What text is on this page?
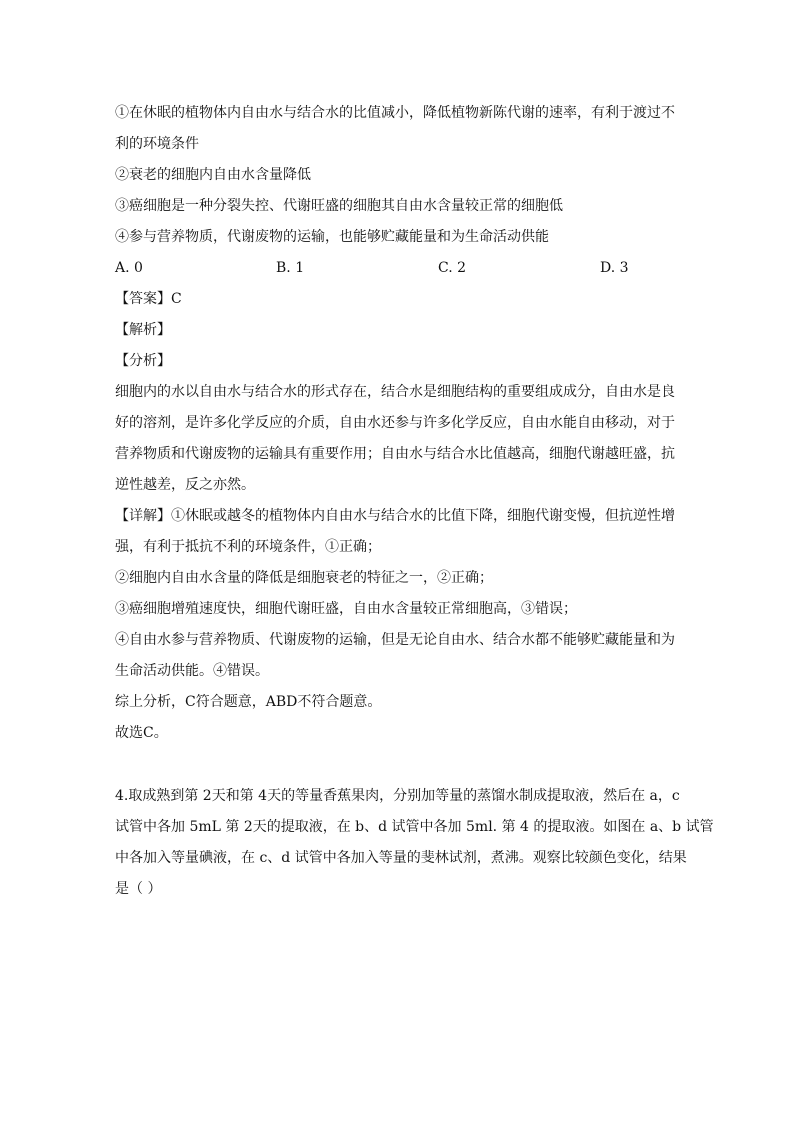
①在休眠的植物体内自由水与结合水的比值减小，降低植物新陈代谢的速率，有利于渡过不
利的环境条件
②衰老的细胞内自由水含量降低
③癌细胞是一种分裂失控、代谢旺盛的细胞其自由水含量较正常的细胞低
④参与营养物质，代谢废物的运输，也能够贮藏能量和为生命活动供能
A. 0	B. 1	C. 2	D. 3
【答案】C
【解析】
【分析】
细胞内的水以自由水与结合水的形式存在，结合水是细胞结构的重要组成成分，自由水是良
好的溶剂，是许多化学反应的介质，自由水还参与许多化学反应，自由水能自由移动，对于
营养物质和代谢废物的运输具有重要作用；自由水与结合水比值越高，细胞代谢越旺盛，抗
逆性越差，反之亦然。
【详解】①休眠或越冬的植物体内自由水与结合水的比值下降，细胞代谢变慢，但抗逆性增
强，有利于抵抗不利的环境条件，①正确；
②细胞内自由水含量的降低是细胞衰老的特征之一，②正确；
③癌细胞增殖速度快，细胞代谢旺盛，自由水含量较正常细胞高，③错误；
④自由水参与营养物质、代谢废物的运输，但是无论自由水、结合水都不能够贮藏能量和为
生命活动供能。④错误。
综上分析，C符合题意，ABD不符合题意。
故选C。
4.取成熟到第 2天和第 4天的等量香蕉果肉，分别加等量的蒸馏水制成提取液，然后在 a，c
试管中各加 5mL 第 2天的提取液，在 b、d 试管中各加 5ml. 第 4 的提取液。如图在 a、b 试管
中各加入等量碘液，在 c、d 试管中各加入等量的斐林试剂，煮沸。观察比较颜色变化，结果
是（ ）
